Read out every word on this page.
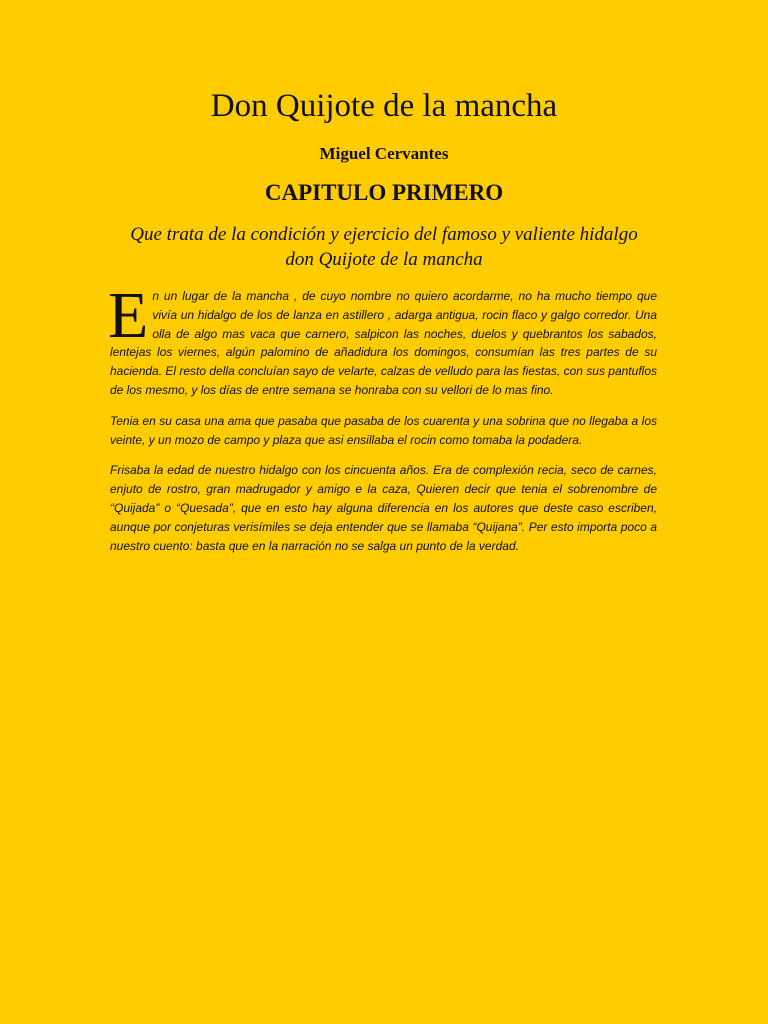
Don Quijote de la mancha
Miguel Cervantes
CAPITULO PRIMERO
Que trata de la condición y ejercicio del famoso y valiente hidalgo don Quijote de la mancha

En un lugar de la mancha , de cuyo nombre no quiero acordarme, no ha mucho tiempo que vivía un hidalgo de los de lanza en astillero , adarga antigua, rocin flaco y galgo corredor. Una olla de algo mas vaca que carnero, salpicon las noches, duelos y quebrantos los sabados, lentejas los viernes, algún palomino de añadidura los domingos, consumían las tres partes de su hacienda. El resto della concluían sayo de velarte, calzas de velludo para las fiestas, con sus pantuflos de los mesmo, y los días de entre semana se honraba con su vellori de lo mas fino.

Tenia en su casa una ama que pasaba que pasaba de los cuarenta y una sobrina que no llegaba a los veinte, y un mozo de campo y plaza que asi ensillaba el rocin como tomaba la podadera.

Frisaba la edad de nuestro hidalgo con los cincuenta años. Era de complexión recia, seco de carnes, enjuto de rostro, gran madrugador y amigo e la caza, Quieren decir que tenia el sobrenombre de “Quijada” o “Quesada”, que en esto hay alguna diferencia en los autores que deste caso escriben, aunque por conjeturas verisímiles se deja entender que se llamaba “Quijana”. Per esto importa poco a nuestro cuento: basta que en la narración no se salga un punto de la verdad.
